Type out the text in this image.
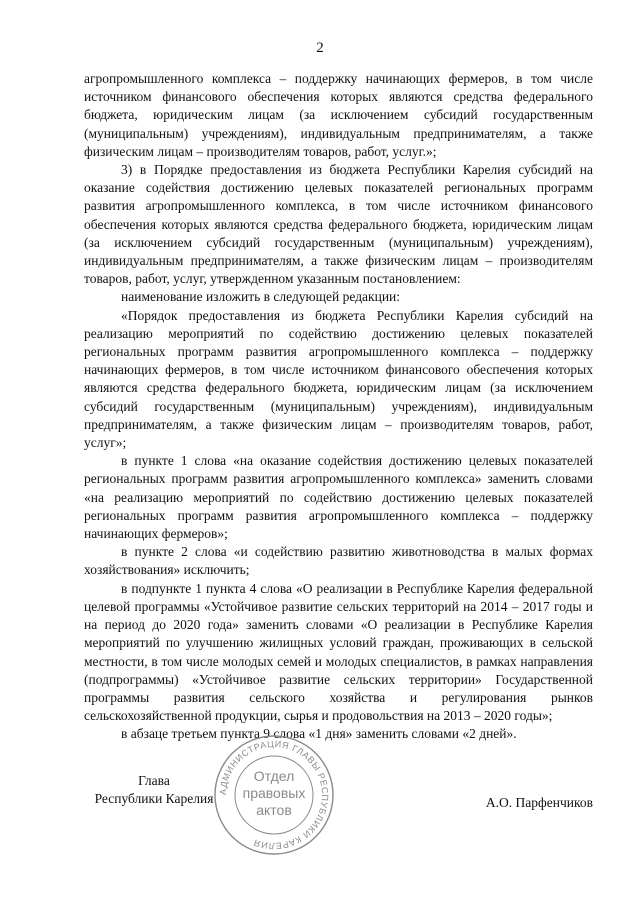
2

агропромышленного комплекса – поддержку начинающих фермеров, в том числе источником финансового обеспечения которых являются средства федерального бюджета, юридическим лицам (за исключением субсидий государственным (муниципальным) учреждениям), индивидуальным предпринимателям, а также физическим лицам – производителям товаров, работ, услуг.»;

3) в Порядке предоставления из бюджета Республики Карелия субсидий на оказание содействия достижению целевых показателей региональных программ развития агропромышленного комплекса, в том числе источником финансового обеспечения которых являются средства федерального бюджета, юридическим лицам (за исключением субсидий государственным (муниципальным) учреждениям), индивидуальным предпринимателям, а также физическим лицам – производителям товаров, работ, услуг, утвержденном указанным постановлением:

наименование изложить в следующей редакции:

«Порядок предоставления из бюджета Республики Карелия субсидий на реализацию мероприятий по содействию достижению целевых показателей региональных программ развития агропромышленного комплекса – поддержку начинающих фермеров, в том числе источником финансового обеспечения которых являются средства федерального бюджета, юридическим лицам (за исключением субсидий государственным (муниципальным) учреждениям), индивидуальным предпринимателям, а также физическим лицам – производителям товаров, работ, услуг»;

в пункте 1 слова «на оказание содействия достижению целевых показателей региональных программ развития агропромышленного комплекса» заменить словами «на реализацию мероприятий по содействию достижению целевых показателей региональных программ развития агропромышленного комплекса – поддержку начинающих фермеров»;

в пункте 2 слова «и содействию развитию животноводства в малых формах хозяйствования» исключить;

в подпункте 1 пункта 4 слова «О реализации в Республике Карелия федеральной целевой программы «Устойчивое развитие сельских территорий на 2014 – 2017 годы и на период до 2020 года» заменить словами «О реализации в Республике Карелия мероприятий по улучшению жилищных условий граждан, проживающих в сельской местности, в том числе молодых семей и молодых специалистов, в рамках направления (подпрограммы) «Устойчивое развитие сельских территории» Государственной программы развития сельского хозяйства и регулирования рынков сельскохозяйственной продукции, сырья и продовольствия на 2013 – 2020 годы»;

в абзаце третьем пункта 9 слова «1 дня» заменить словами «2 дней».

Глава
Республики Карелия	А.О. Парфенчиков
АДМИНИСТРАЦИЯ ГЛАВЫ РЕСПУБЛИКИ КАРЕЛИЯ
Отдел
правовых
актов
